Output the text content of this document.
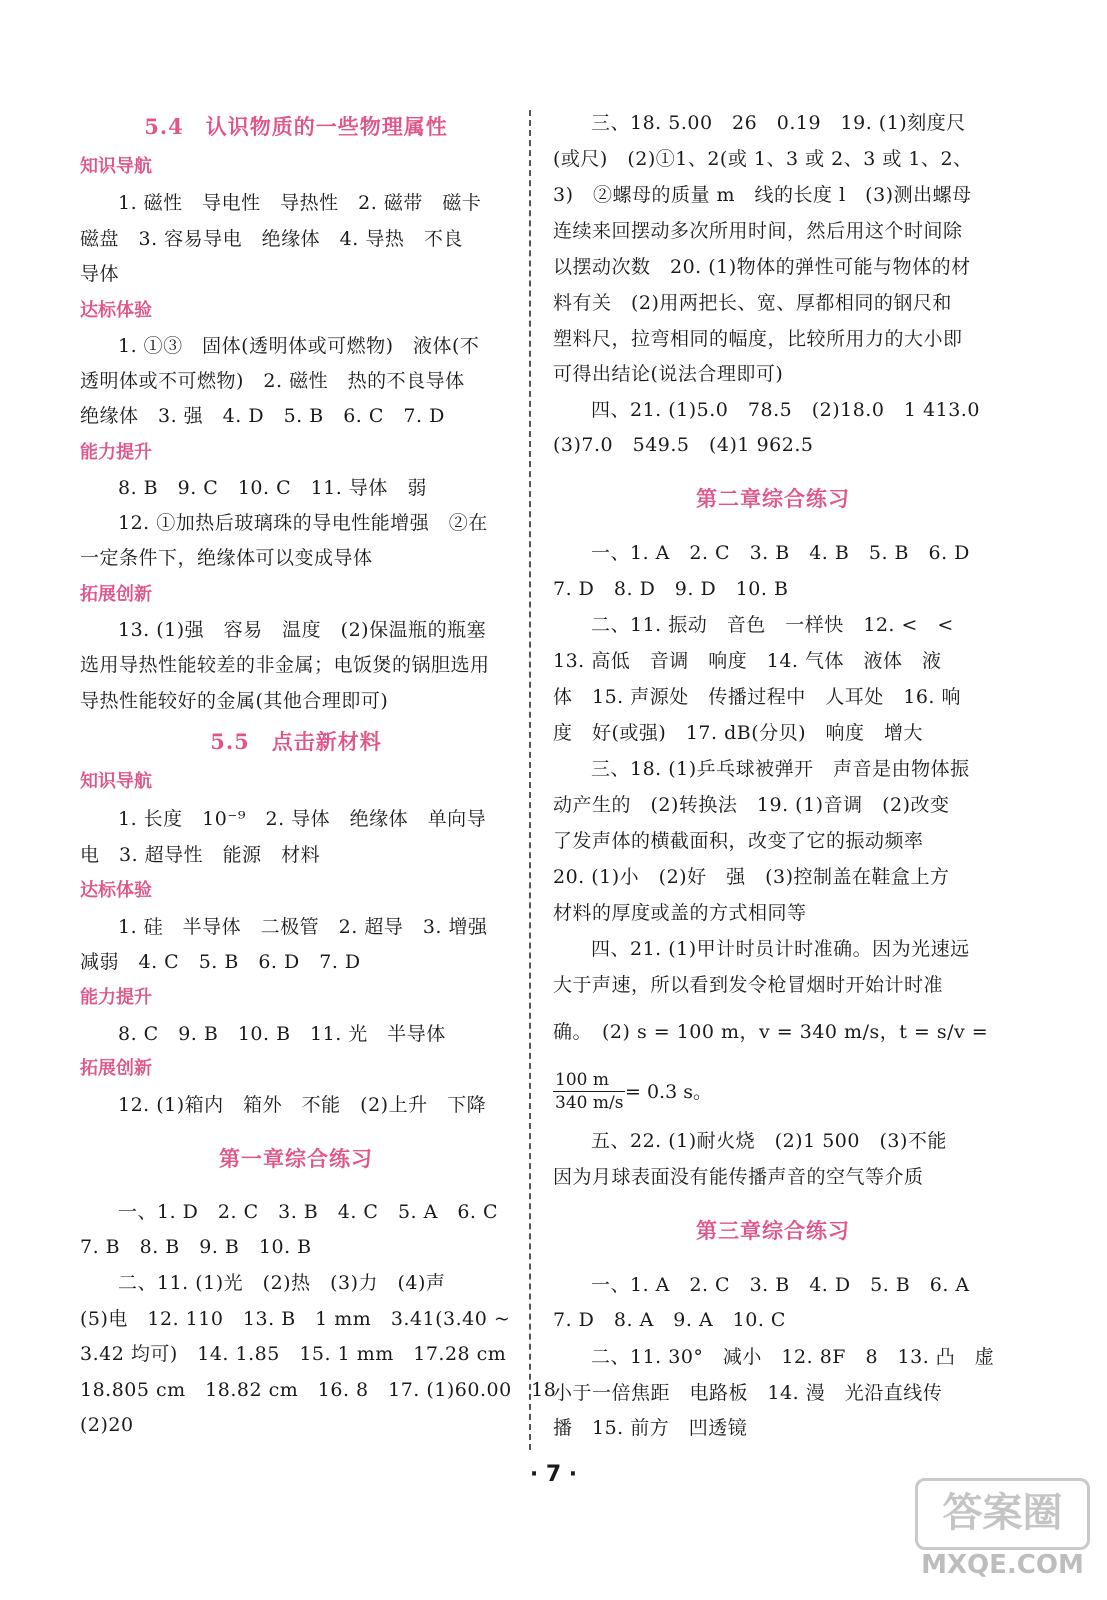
5.4　认识物质的一些物理属性
知识导航
1. 磁性　导电性　导热性　2. 磁带　磁卡
磁盘　3. 容易导电　绝缘体　4. 导热　不良
导体
达标体验
1. ①③　固体(透明体或可燃物)　液体(不
透明体或不可燃物)　2. 磁性　热的不良导体
绝缘体　3. 强　4. D　5. B　6. C　7. D
能力提升
8. B　9. C　10. C　11. 导体　弱
12. ①加热后玻璃珠的导电性能增强　②在
一定条件下，绝缘体可以变成导体
拓展创新
13. (1)强　容易　温度　(2)保温瓶的瓶塞
选用导热性能较差的非金属；电饭煲的锅胆选用
导热性能较好的金属(其他合理即可)
5.5　点击新材料
知识导航
1. 长度　10⁻⁹　2. 导体　绝缘体　单向导
电　3. 超导性　能源　材料
达标体验
1. 硅　半导体　二极管　2. 超导　3. 增强
减弱　4. C　5. B　6. D　7. D
能力提升
8. C　9. B　10. B　11. 光　半导体
拓展创新
12. (1)箱内　箱外　不能　(2)上升　下降
第一章综合练习
一、1. D　2. C　3. B　4. C　5. A　6. C
7. B　8. B　9. B　10. B
二、11. (1)光　(2)热　(3)力　(4)声
(5)电　12. 110　13. B　1 mm　3.41(3.40 ~
3.42 均可)　14. 1.85　15. 1 mm　17.28 cm
18.805 cm　18.82 cm　16. 8　17. (1)60.00　18
(2)20
三、18. 5.00　26　0.19　19. (1)刻度尺
(或尺)　(2)①1、2(或 1、3 或 2、3 或 1、2、
3)　②螺母的质量 m　线的长度 l　(3)测出螺母
连续来回摆动多次所用时间，然后用这个时间除
以摆动次数　20. (1)物体的弹性可能与物体的材
料有关　(2)用两把长、宽、厚都相同的钢尺和
塑料尺，拉弯相同的幅度，比较所用力的大小即
可得出结论(说法合理即可)
四、21. (1)5.0　78.5　(2)18.0　1 413.0
(3)7.0　549.5　(4)1 962.5
第二章综合练习
一、1. A　2. C　3. B　4. B　5. B　6. D
7. D　8. D　9. D　10. B
二、11. 振动　音色　一样快　12. <　<
13. 高低　音调　响度　14. 气体　液体　液
体　15. 声源处　传播过程中　人耳处　16. 响
度　好(或强)　17. dB(分贝)　响度　增大
三、18. (1)乒乓球被弹开　声音是由物体振
动产生的　(2)转换法　19. (1)音调　(2)改变
了发声体的横截面积，改变了它的振动频率
20. (1)小　(2)好　强　(3)控制盖在鞋盒上方
材料的厚度或盖的方式相同等
四、21. (1)甲计时员计时准确。因为光速远
大于声速，所以看到发令枪冒烟时开始计时准
确。　(2) s = 100 m，v = 340 m/s，t = s/v =
$\frac{100 m}{340 m/s} = 0.3$ s。
五、22. (1)耐火烧　(2)1 500　(3)不能
因为月球表面没有能传播声音的空气等介质
第三章综合练习
一、1. A　2. C　3. B　4. D　5. B　6. A
7. D　8. A　9. A　10. C
二、11. 30°　减小　12. 8F　8　13. 凸　虚
小于一倍焦距　电路板　14. 漫　光沿直线传
播　15. 前方　凹透镜
· 7 ·
答案圈
MXQE.COM
